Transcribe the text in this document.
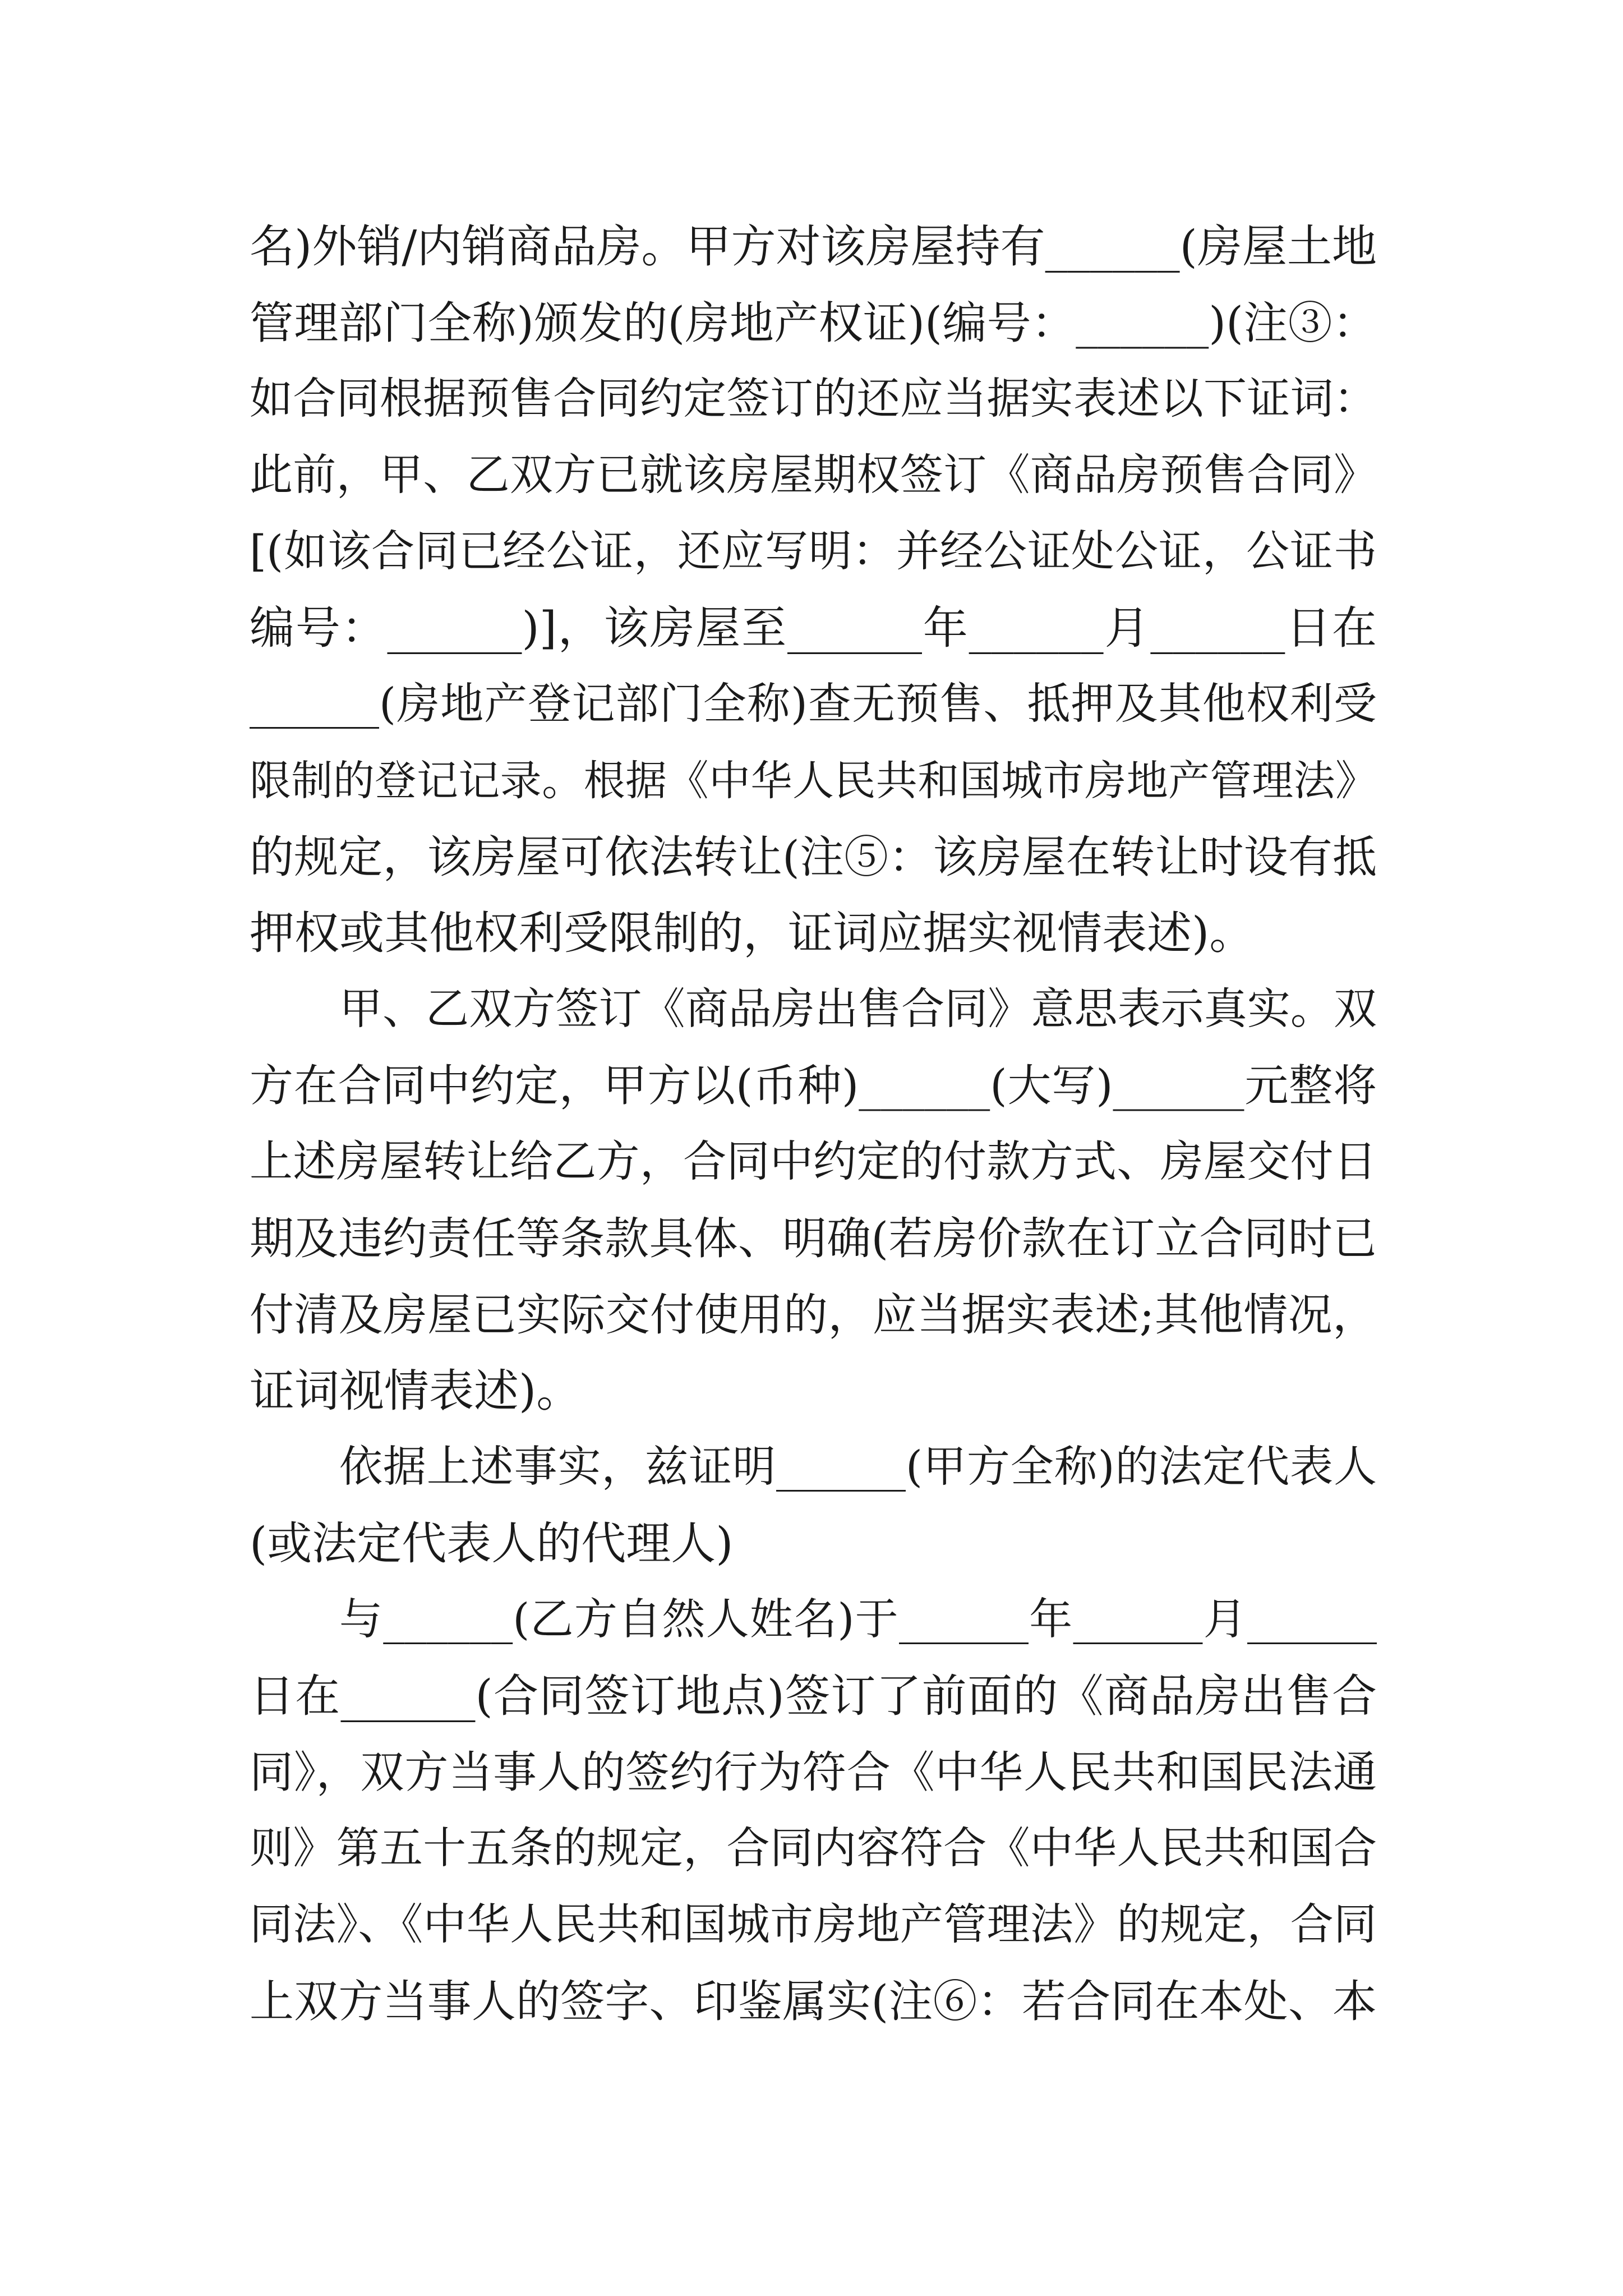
名)外销/内销商品房。甲方对该房屋持有______(房屋土地
管理部门全称)颁发的(房地产权证)(编号：______)(注③：
如合同根据预售合同约定签订的还应当据实表述以下证词：
此前，甲、乙双方已就该房屋期权签订《商品房预售合同》
[(如该合同已经公证，还应写明：并经公证处公证，公证书
编号：______)]，该房屋至______年______月______日在
______(房地产登记部门全称)查无预售、抵押及其他权利受
限制的登记记录。根据《中华人民共和国城市房地产管理法》
的规定，该房屋可依法转让(注⑤：该房屋在转让时设有抵
押权或其他权利受限制的，证词应据实视情表述)。
甲、乙双方签订《商品房出售合同》意思表示真实。双
方在合同中约定，甲方以(币种)______(大写)______元整将
上述房屋转让给乙方，合同中约定的付款方式、房屋交付日
期及违约责任等条款具体、明确(若房价款在订立合同时已
付清及房屋已实际交付使用的，应当据实表述;其他情况，
证词视情表述)。
依据上述事实，兹证明______(甲方全称)的法定代表人
(或法定代表人的代理人)
与______(乙方自然人姓名)于______年______月______
日在______(合同签订地点)签订了前面的《商品房出售合
同》，双方当事人的签约行为符合《中华人民共和国民法通
则》第五十五条的规定，合同内容符合《中华人民共和国合
同法》、《中华人民共和国城市房地产管理法》的规定，合同
上双方当事人的签字、印鉴属实(注⑥：若合同在本处、本
